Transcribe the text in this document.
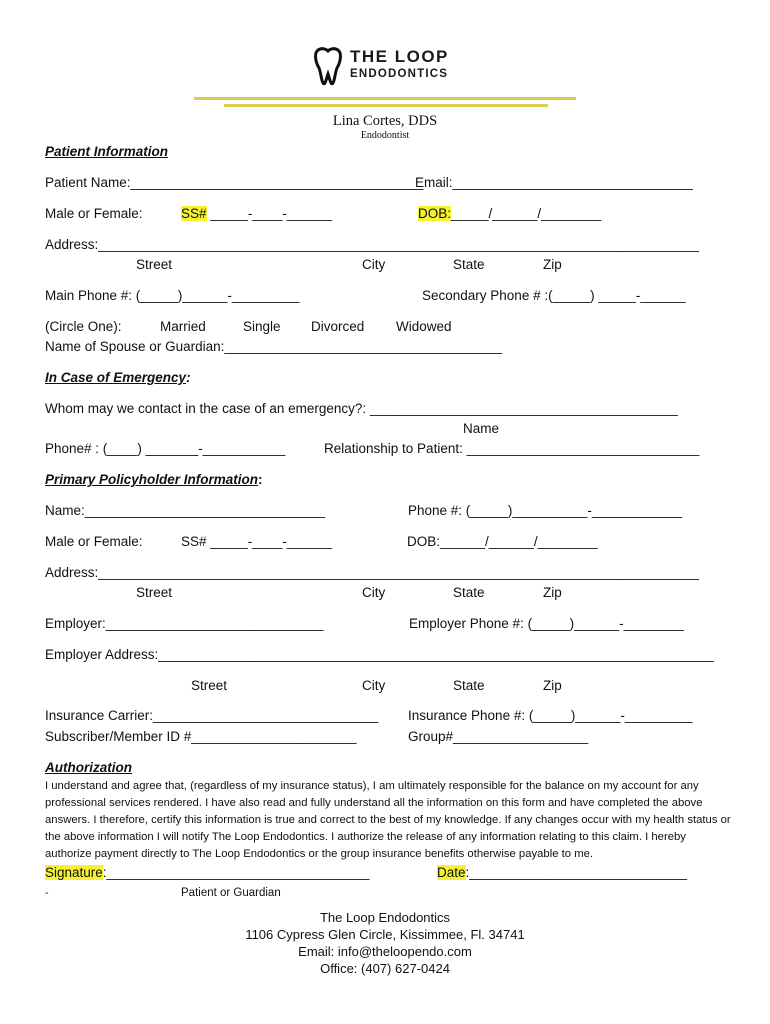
THE LOOP
ENDODONTICS
Lina Cortes, DDS
Endodontist
Patient Information
Patient Name:_______________________________________
Email:________________________________
Male or Female:	SS# _____-____-______	DOB:_____/______/________
Address:________________________________________________________________________________
Street	City	State	Zip
Main Phone #: (_____)______-_________	Secondary Phone # :(_____) _____-______
(Circle One):	Married	Single Divorced Widowed
Name of Spouse or Guardian:_____________________________________
In Case of Emergency:
Whom may we contact in the case of an emergency?: _________________________________________
Name
Phone# : (____) _______-___________	Relationship to Patient: _______________________________
Primary Policyholder Information:
Name:________________________________	Phone #: (_____)__________-____________
Male or Female:	SS# _____-____-______	DOB:______/______/________
Address:________________________________________________________________________________
Street	City	State	Zip
Employer:_____________________________	Employer Phone #: (_____)______-________
Employer Address:__________________________________________________________________________
Street	City	State	Zip
Insurance Carrier:______________________________ Insurance Phone #: (_____)______-_________
Subscriber/Member ID #______________________	Group#__________________
Authorization
I understand and agree that, (regardless of my insurance status), I am ultimately responsible for the balance on my account for any professional services rendered. I have also read and fully understand all the information on this form and have completed the above answers. I therefore, certify this information is true and correct to the best of my knowledge. If any changes occur with my health status or the above information I will notify The Loop Endodontics. I authorize the release of any information relating to this claim. I hereby authorize payment directly to The Loop Endodontics or the group insurance benefits otherwise payable to me.
Signature:___________________________________	Date:_____________________________
-	Patient or Guardian
The Loop Endodontics
1106 Cypress Glen Circle, Kissimmee, Fl. 34741
Email: info@theloopendo.com
Office: (407) 627-0424
